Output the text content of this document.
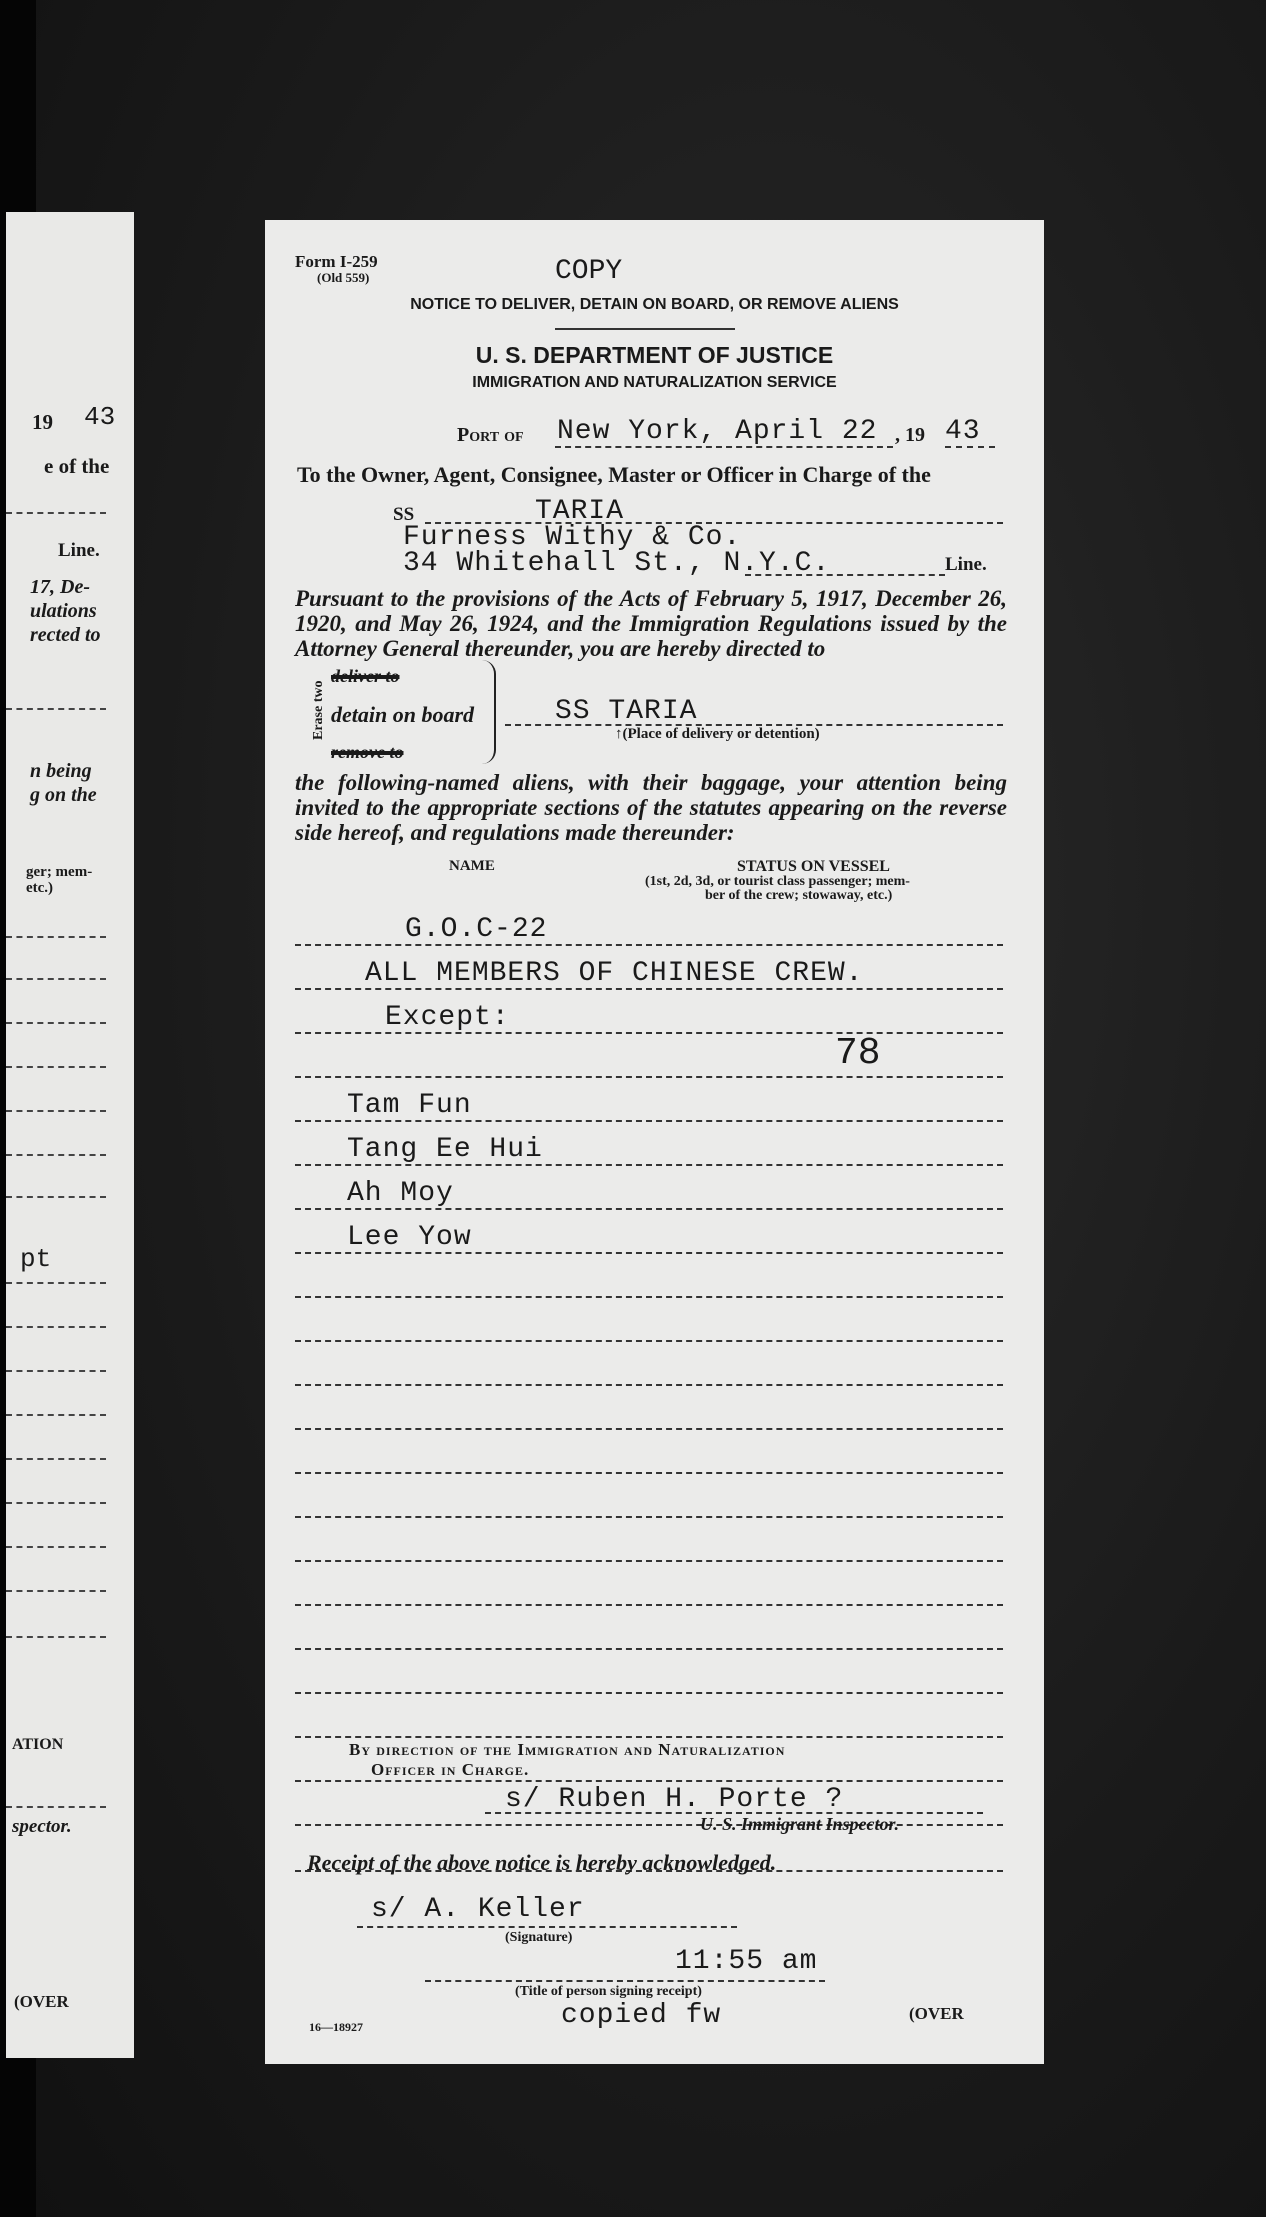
19 43
e of the
Line.
17, De-
ulations
rected to
n being
g on the
ger; mem-
etc.)
pt
ATION
spector.
(OVER
Form I-259
(Old 559)	COPY
NOTICE TO DELIVER, DETAIN ON BOARD, OR REMOVE ALIENS
U. S. DEPARTMENT OF JUSTICE
IMMIGRATION AND NATURALIZATION SERVICE
Port of New York, April 22 , 19 43
To the Owner, Agent, Consignee, Master or Officer in Charge of the
SS	TARIA
Furness Withy & Co.
34 Whitehall St., N.Y.C.	Line.
Pursuant to the provisions of the Acts of February 5, 1917, December 26, 1920, and May 26, 1924, and the Immigration Regulations issued by the Attorney General thereunder, you are hereby directed to
Erase two
deliver to
detain on board
remove to
SS TARIA
↑(Place of delivery or detention)
the following-named aliens, with their baggage, your attention being invited to the appropriate sections of the statutes appearing on the reverse side hereof, and regulations made thereunder:
NAME	STATUS ON VESSEL
(1st, 2d, 3d, or tourist class passenger; mem-
ber of the crew; stowaway, etc.)
G.O.C-22
ALL MEMBERS OF CHINESE CREW.
Except:
78
Tam Fun
Tang Ee Hui
Ah Moy
Lee Yow
By direction of the Immigration and Naturalization
Officer in Charge.
s/ Ruben H. Porte ?
U. S. Immigrant Inspector.
Receipt of the above notice is hereby acknowledged.
s/ A. Keller
(Signature)
11:55 am
(Title of person signing receipt)
copied fw
16—18927
(OVER
